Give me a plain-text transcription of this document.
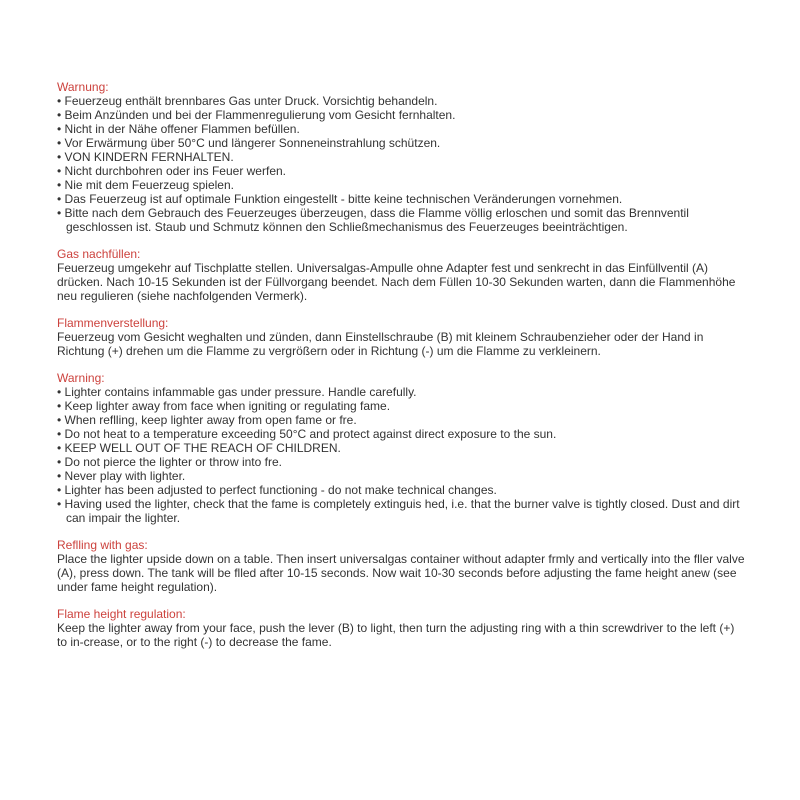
Warnung:
• Feuerzeug enthält brennbares Gas unter Druck. Vorsichtig behandeln.
• Beim Anzünden und bei der Flammenregulierung vom Gesicht fernhalten.
• Nicht in der Nähe offener Flammen befüllen.
• Vor Erwärmung über 50°C und längerer Sonneneinstrahlung schützen.
• VON KINDERN FERNHALTEN.
• Nicht durchbohren oder ins Feuer werfen.
• Nie mit dem Feuerzeug spielen.
• Das Feuerzeug ist auf optimale Funktion eingestellt - bitte keine technischen Veränderungen vornehmen.
• Bitte nach dem Gebrauch des Feuerzeuges überzeugen, dass die Flamme völlig erloschen und somit das Brennventil geschlossen ist. Staub und Schmutz können den Schließmechanismus des Feuerzeuges beeinträchtigen.
Gas nachfüllen:
Feuerzeug umgekehr auf Tischplatte stellen. Universalgas-Ampulle ohne Adapter fest und senkrecht in das Einfüllventil (A) drücken. Nach 10-15 Sekunden ist der Füllvorgang beendet. Nach dem Füllen 10-30 Sekunden warten, dann die Flammenhöhe neu regulieren (siehe nachfolgenden Vermerk).
Flammenverstellung:
Feuerzeug vom Gesicht weghalten und zünden, dann Einstellschraube (B) mit kleinem Schraubenzieher oder der Hand in Richtung (+) drehen um die Flamme zu vergrößern oder in Richtung (-) um die Flamme zu verkleinern.
Warning:
• Lighter contains infammable gas under pressure. Handle carefully.
• Keep lighter away from face when igniting or regulating fame.
• When reflling, keep lighter away from open fame or fre.
• Do not heat to a temperature exceeding 50°C and protect against direct exposure to the sun.
• KEEP WELL OUT OF THE REACH OF CHILDREN.
• Do not pierce the lighter or throw into fre.
• Never play with lighter.
• Lighter has been adjusted to perfect functioning - do not make technical changes.
• Having used the lighter, check that the fame is completely extinguis hed, i.e. that the burner valve is tightly closed. Dust and dirt can impair the lighter.
Reflling with gas:
Place the lighter upside down on a table. Then insert universalgas container without adapter frmly and vertically into the fller valve (A), press down. The tank will be flled after 10-15 seconds. Now wait 10-30 seconds before adjusting the fame height anew (see under fame height regulation).
Flame height regulation:
Keep the lighter away from your face, push the lever (B) to light, then turn the adjusting ring with a thin screwdriver to the left (+) to in-crease, or to the right (-) to decrease the fame.
